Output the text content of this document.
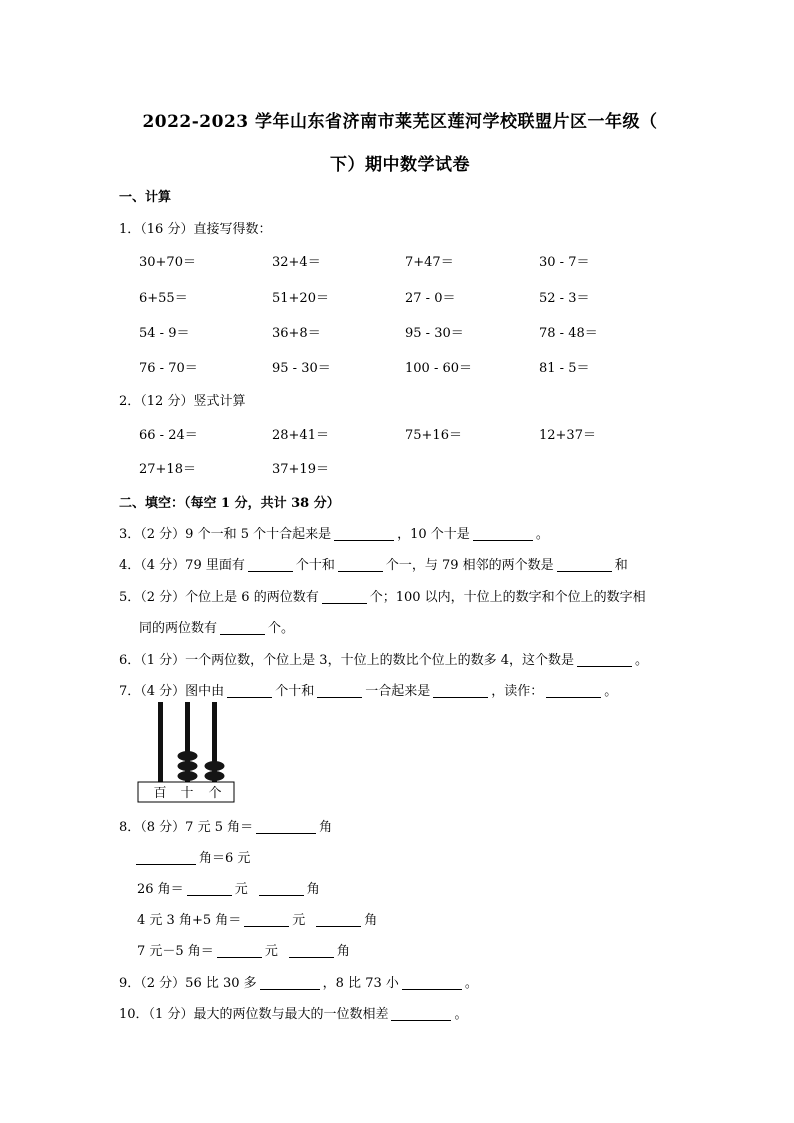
2022-2023 学年山东省济南市莱芜区莲河学校联盟片区一年级（
下）期中数学试卷
一、计算
1．（16 分）直接写得数：
30+70＝	32+4＝	7+47＝	30 - 7＝
6+55＝	51+20＝	27 - 0＝	52 - 3＝
54 - 9＝	36+8＝	95 - 30＝	78 - 48＝
76 - 70＝	95 - 30＝	100 - 60＝	81 - 5＝
2．（12 分）竖式计算
66 - 24＝	28+41＝	75+16＝	12+37＝
27+18＝	37+19＝
二、填空：（每空 1 分，共计 38 分）
3．（2 分）9 个一和 5 个十合起来是	，10 个十是	。
4．（4 分）79 里面有	个十和	个一，与 79 相邻的两个数是	和
5．（2 分）个位上是 6 的两位数有	个；100 以内，十位上的数字和个位上的数字相
同的两位数有	个。
6．（1 分）一个两位数，个位上是 3，十位上的数比个位上的数多 4，这个数是	。
7．（4 分）图中由	个十和	一合起来是	，读作：	。
百 十 个
8．（8 分）7 元 5 角＝	角
角＝6 元
26 角＝	元	角
4 元 3 角+5 角＝	元	角
7 元－5 角＝	元	角
9．（2 分）56 比 30 多	，8 比 73 小	。
10．（1 分）最大的两位数与最大的一位数相差	。
